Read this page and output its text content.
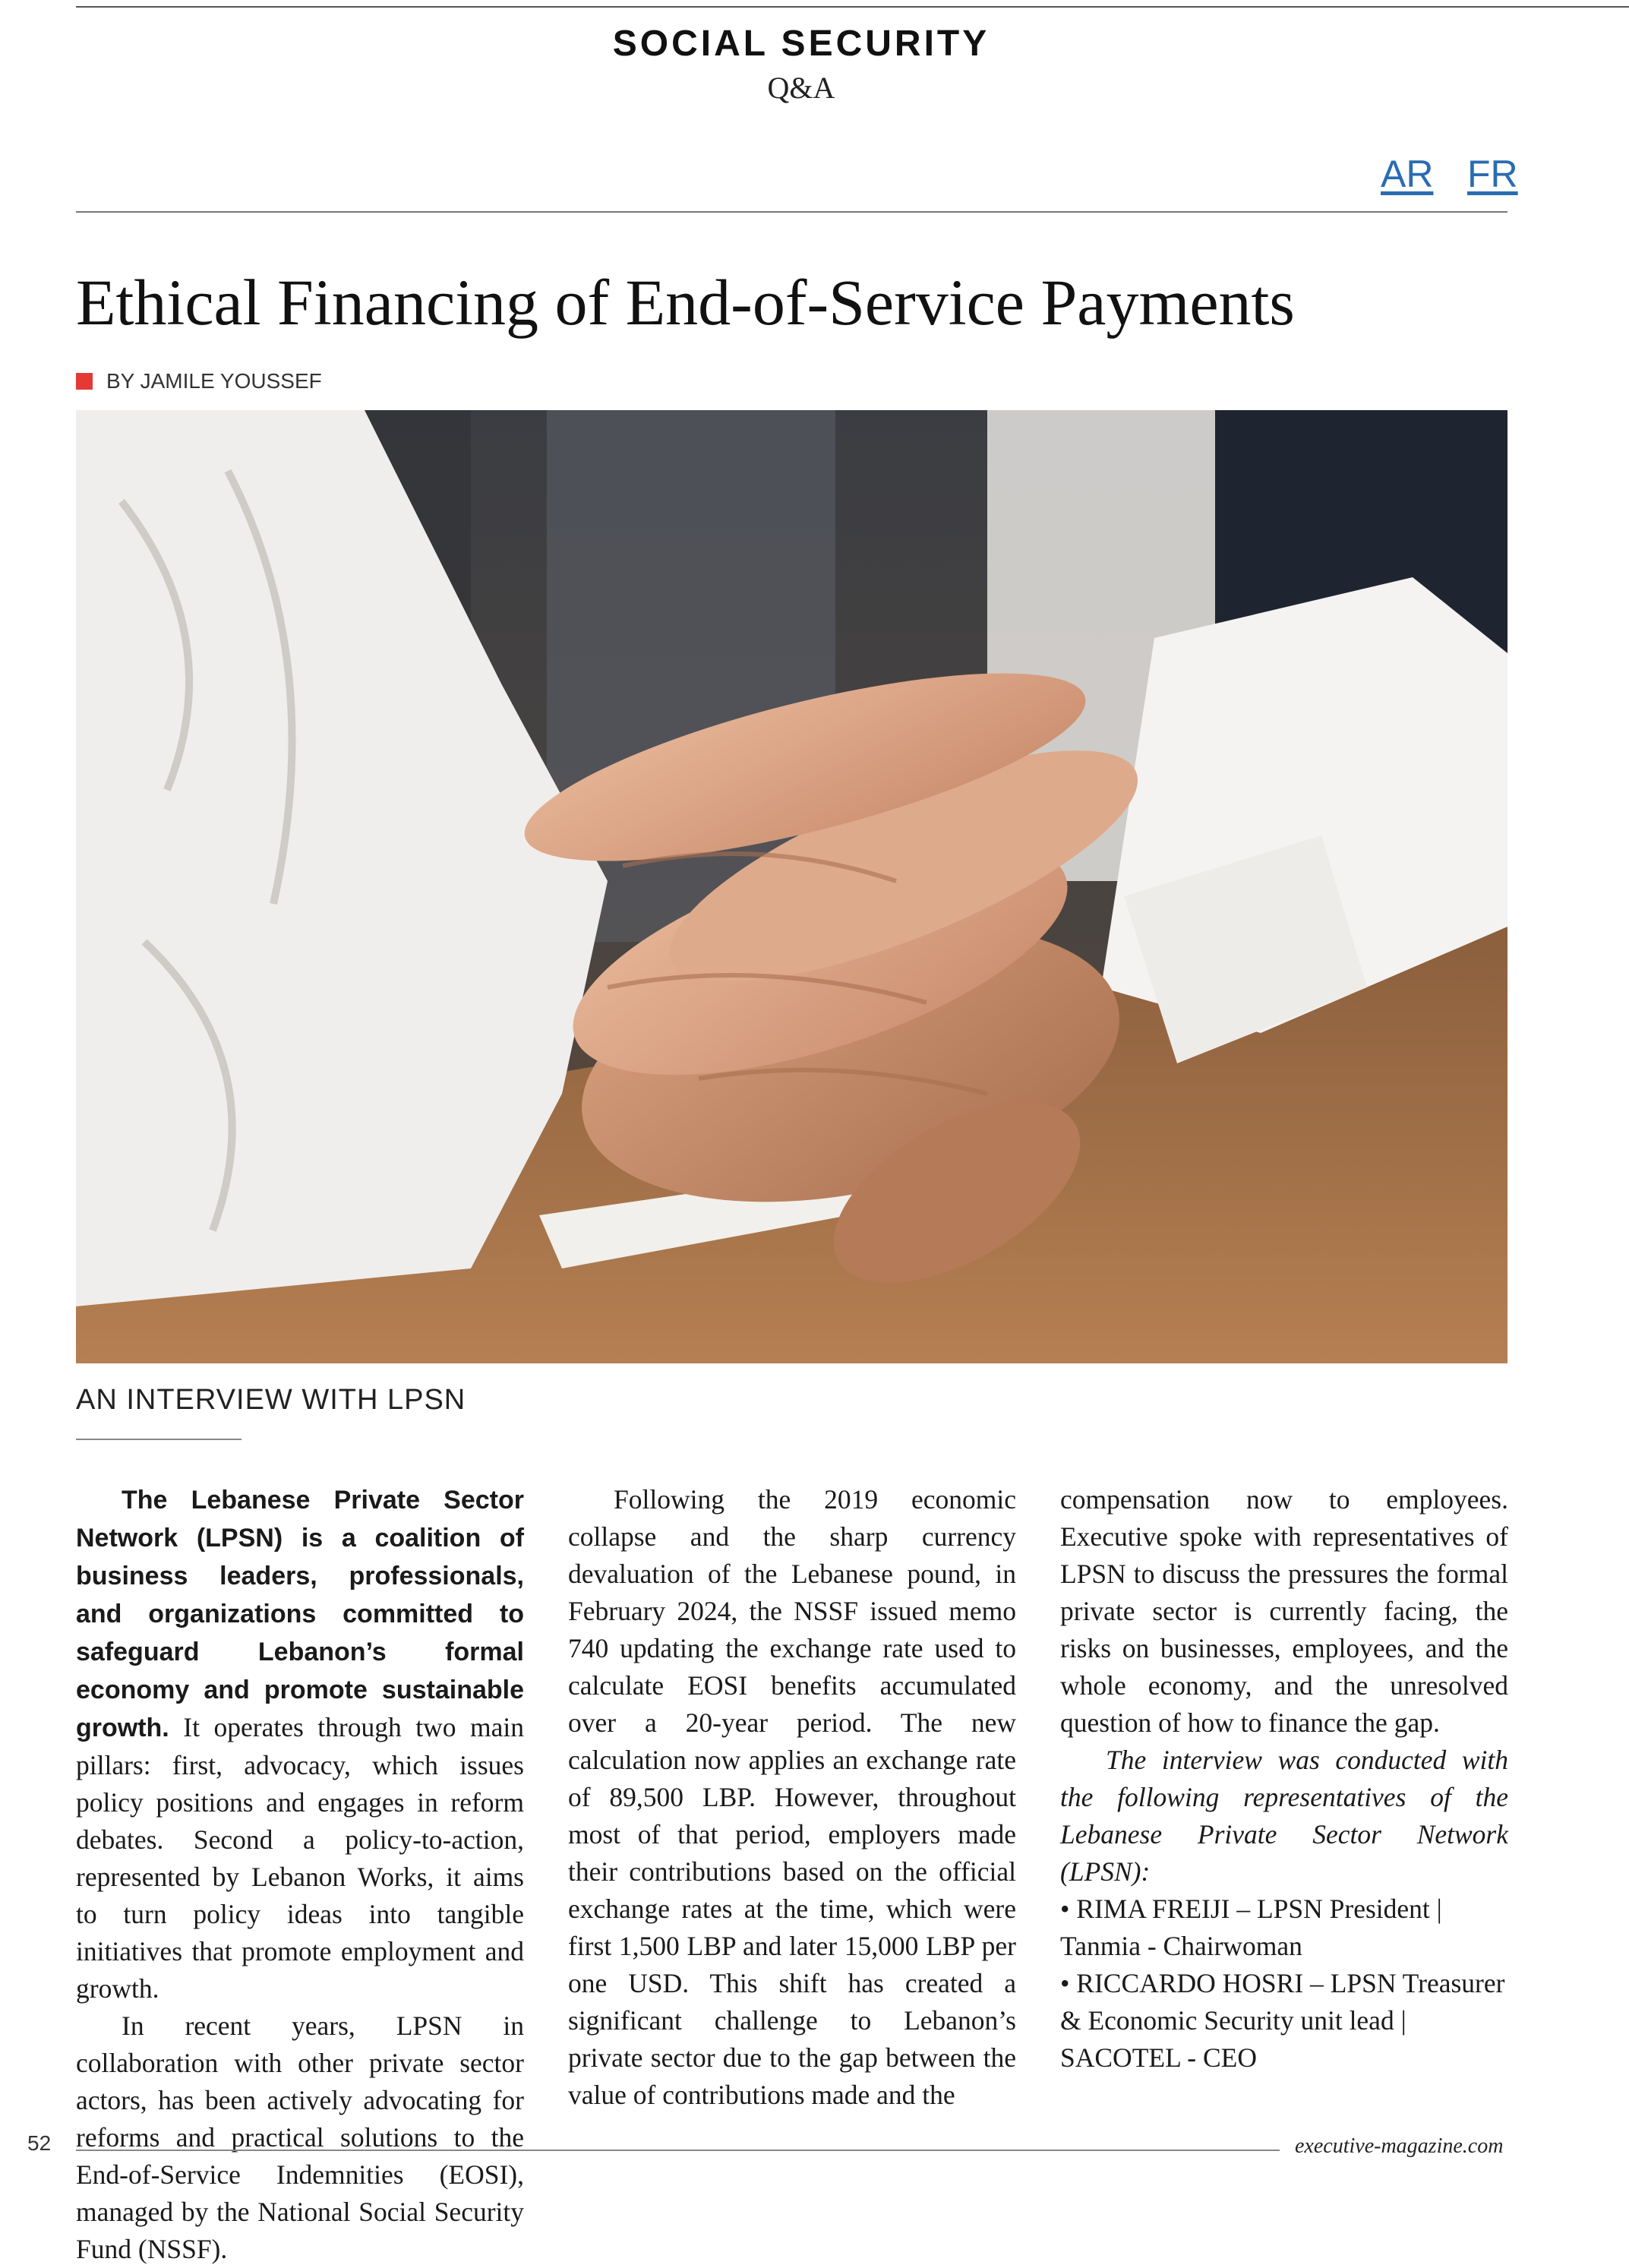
SOCIAL SECURITY
Q&A
AR FR
Ethical Financing of End-of-Service Payments
BY JAMILE YOUSSEF
AN INTERVIEW WITH LPSN

The Lebanese Private Sector Network (LPSN) is a coalition of business leaders, professionals, and organizations committed to safeguard Lebanon’s formal economy and promote sustainable growth. It operates through two main pillars: first, advocacy, which issues policy positions and engages in reform debates. Second a policy-to-action, represented by Lebanon Works, it aims to turn policy ideas into tangible initiatives that promote employment and growth.

In recent years, LPSN in collaboration with other private sector actors, has been actively advocating for reforms and practical solutions to the End-of-Service Indemnities (EOSI), managed by the National Social Security Fund (NSSF).

Following the 2019 economic collapse and the sharp currency devaluation of the Lebanese pound, in February 2024, the NSSF issued memo 740 updating the exchange rate used to calculate EOSI benefits accumulated over a 20-year period. The new calculation now applies an exchange rate of 89,500 LBP. However, throughout most of that period, employers made their contributions based on the official exchange rates at the time, which were first 1,500 LBP and later 15,000 LBP per one USD. This shift has created a significant challenge to Lebanon’s private sector due to the gap between the value of contributions made and the

compensation now to employees. Executive spoke with representatives of LPSN to discuss the pressures the formal private sector is currently facing, the risks on businesses, employees, and the whole economy, and the unresolved question of how to finance the gap.

The interview was conducted with the following representatives of the Lebanese Private Sector Network (LPSN):

• RIMA FREIJI – LPSN President | Tanmia - Chairwoman

• RICCARDO HOSRI – LPSN Treasurer & Economic Security unit lead | SACOTEL - CEO

52	executive-magazine.com
